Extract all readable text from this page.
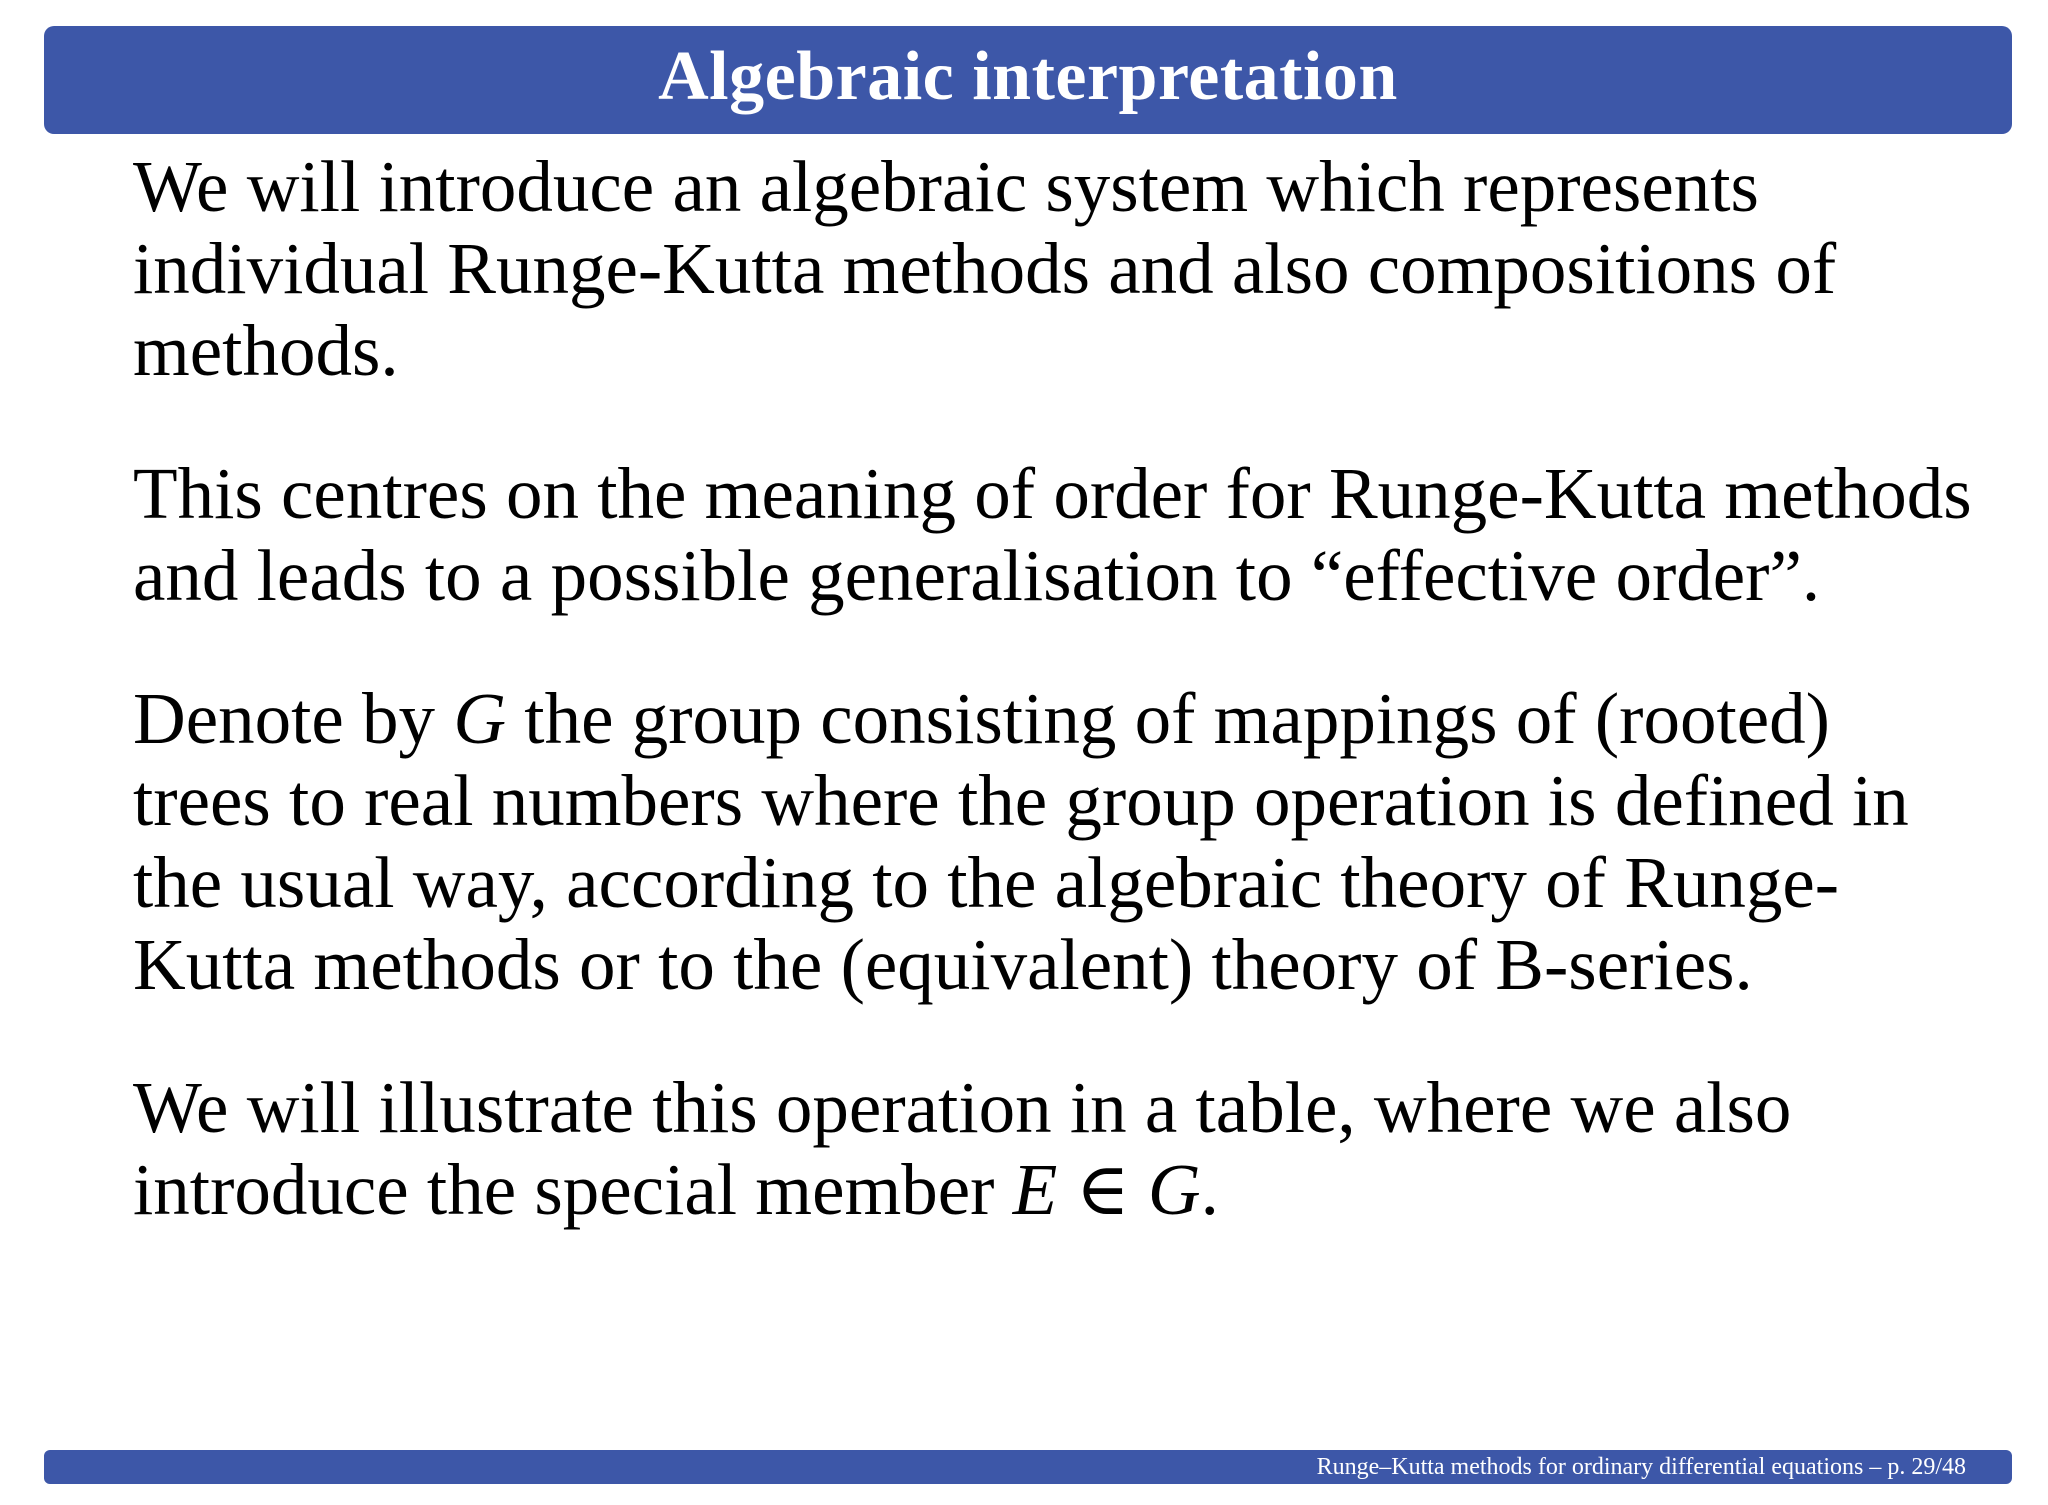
Algebraic interpretation

We will introduce an algebraic system which represents individual Runge-Kutta methods and also compositions of methods.

This centres on the meaning of order for Runge-Kutta methods and leads to a possible generalisation to “effective order”.

Denote by G the group consisting of mappings of (rooted) trees to real numbers where the group operation is defined in the usual way, according to the algebraic theory of Runge-Kutta methods or to the (equivalent) theory of B-series.

We will illustrate this operation in a table, where we also introduce the special member E ∈ G.

Runge–Kutta methods for ordinary differential equations – p. 29/48
